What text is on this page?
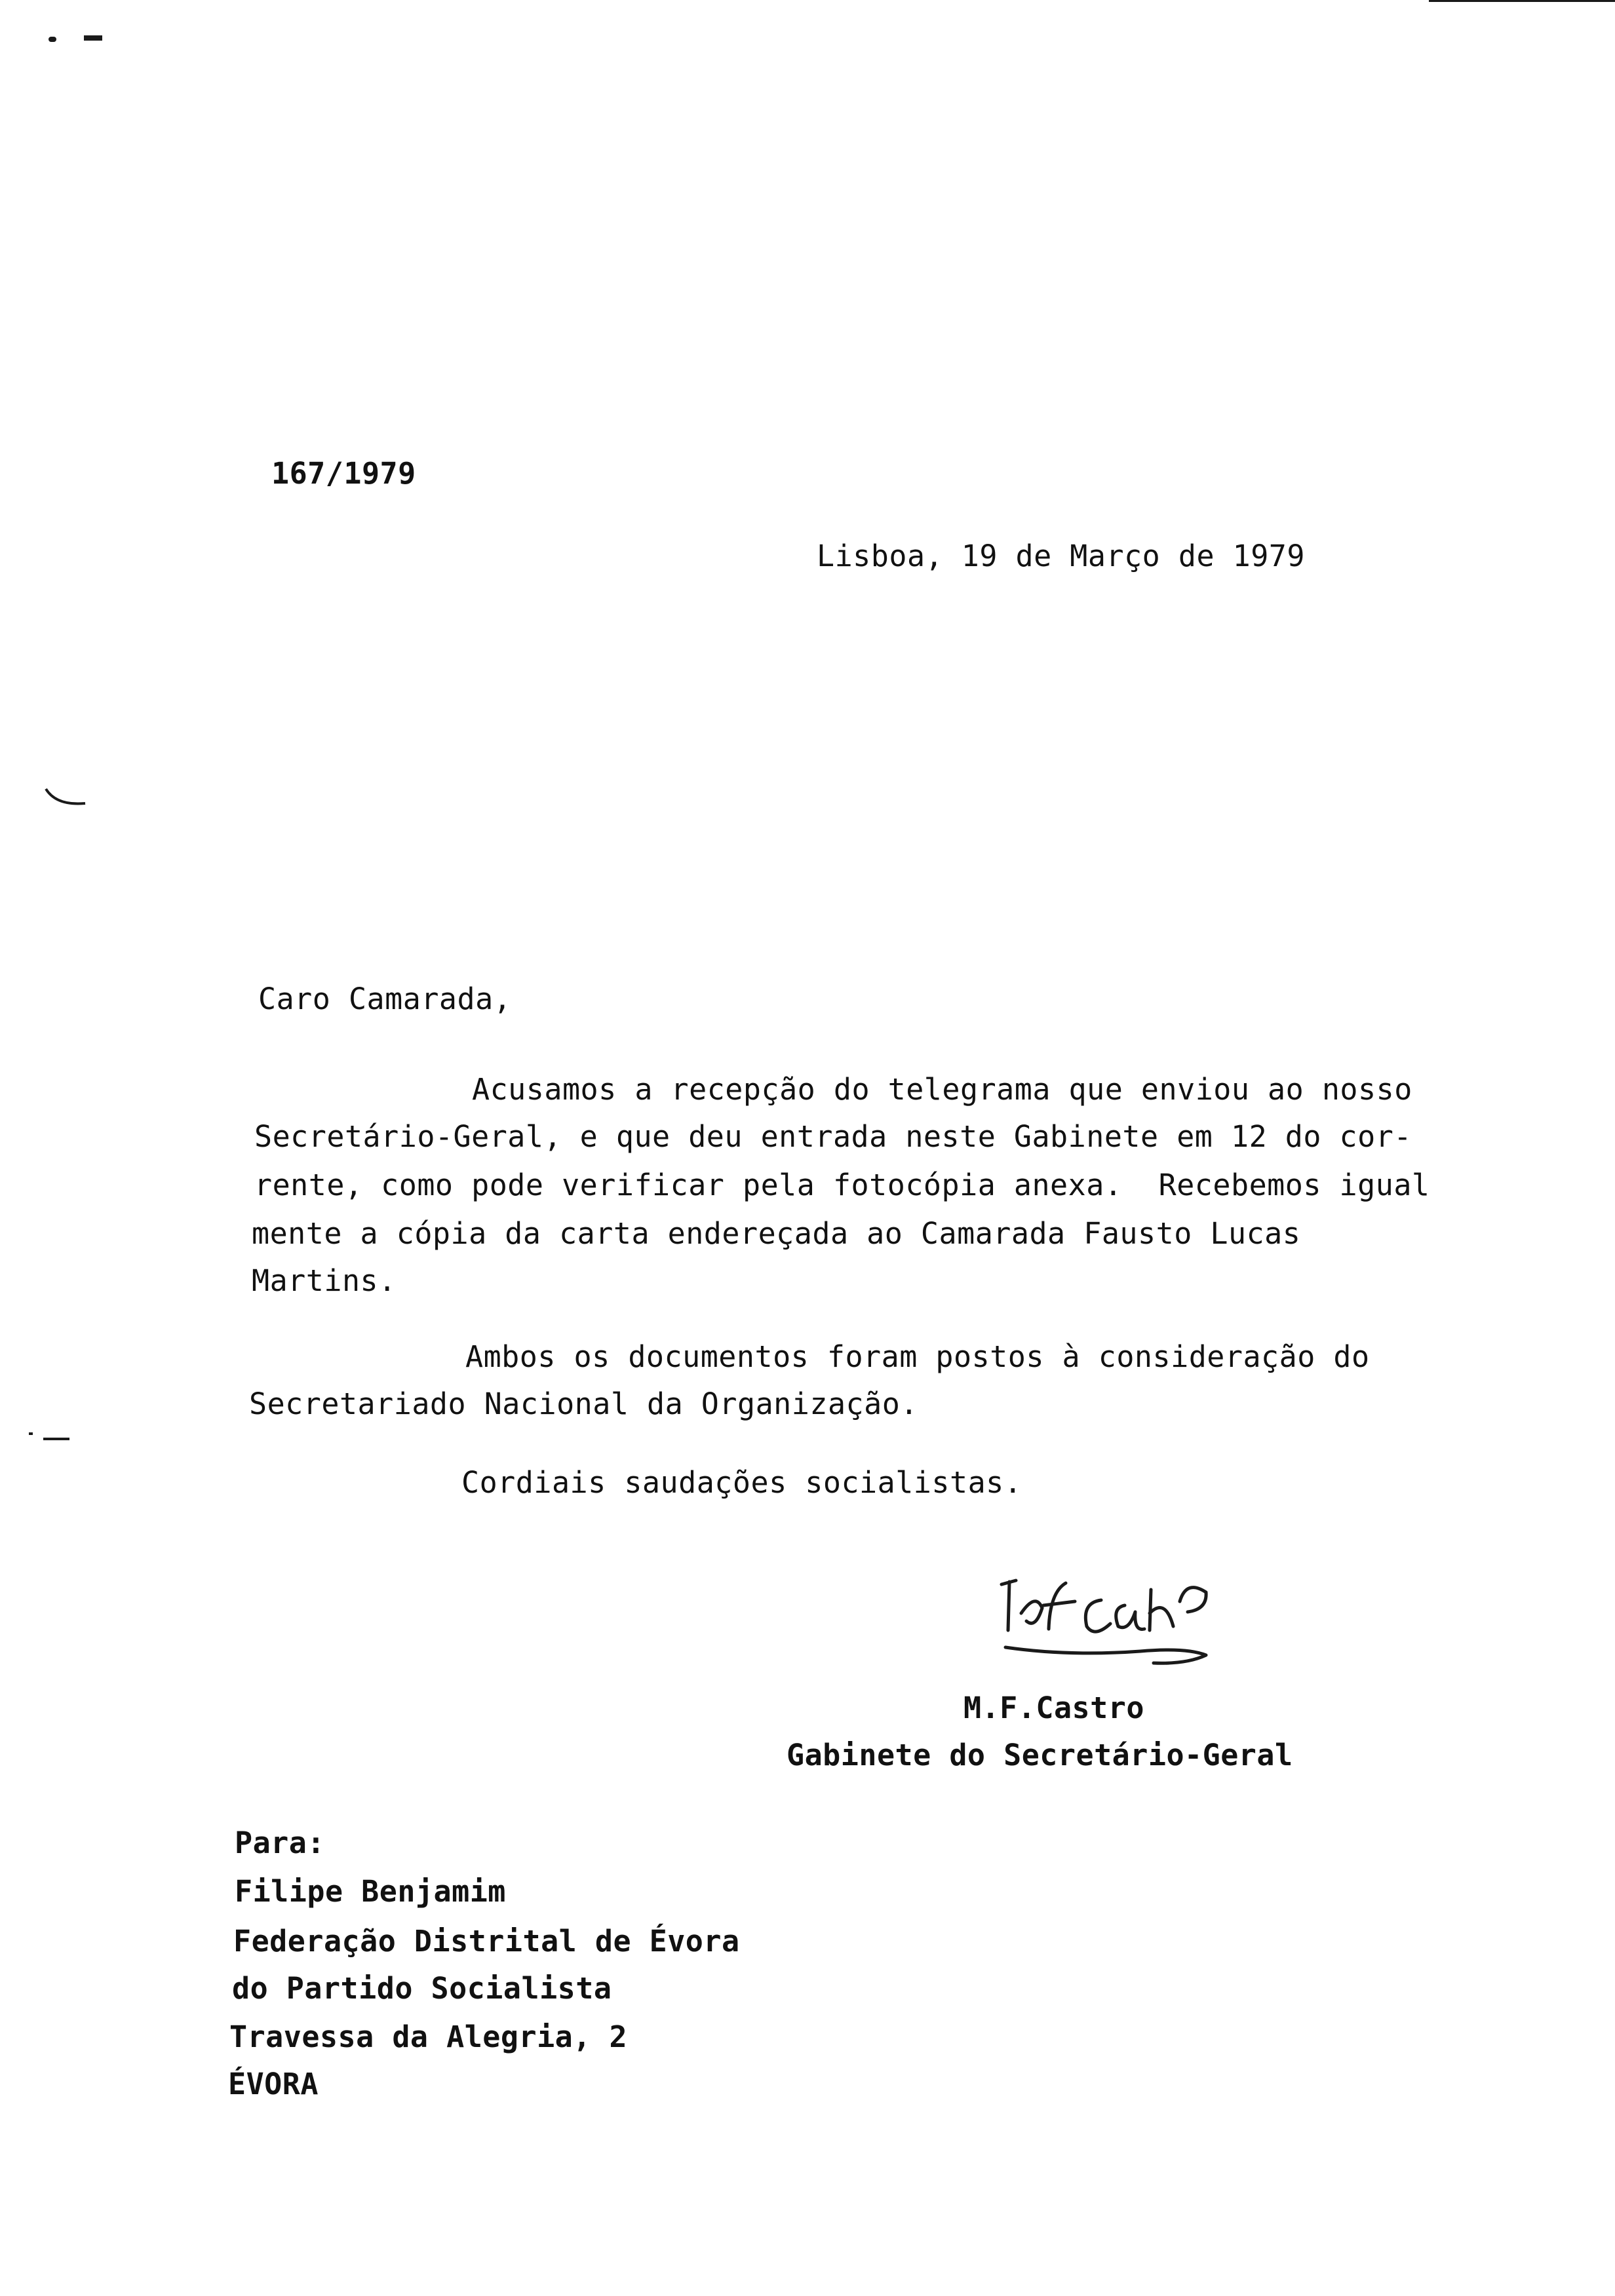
167/1979
Lisboa, 19 de Março de 1979
Caro Camarada,
Acusamos a recepção do telegrama que enviou ao nosso
Secretário-Geral, e que deu entrada neste Gabinete em 12 do cor-
rente, como pode verificar pela fotocópia anexa.  Recebemos igual
mente a cópia da carta endereçada ao Camarada Fausto Lucas
Martins.
Ambos os documentos foram postos à consideração do
Secretariado Nacional da Organização.
Cordiais saudações socialistas.
M.F.Castro
Gabinete do Secretário-Geral
Para:
Filipe Benjamim
Federação Distrital de Évora
do Partido Socialista
Travessa da Alegria, 2
ÉVORA
